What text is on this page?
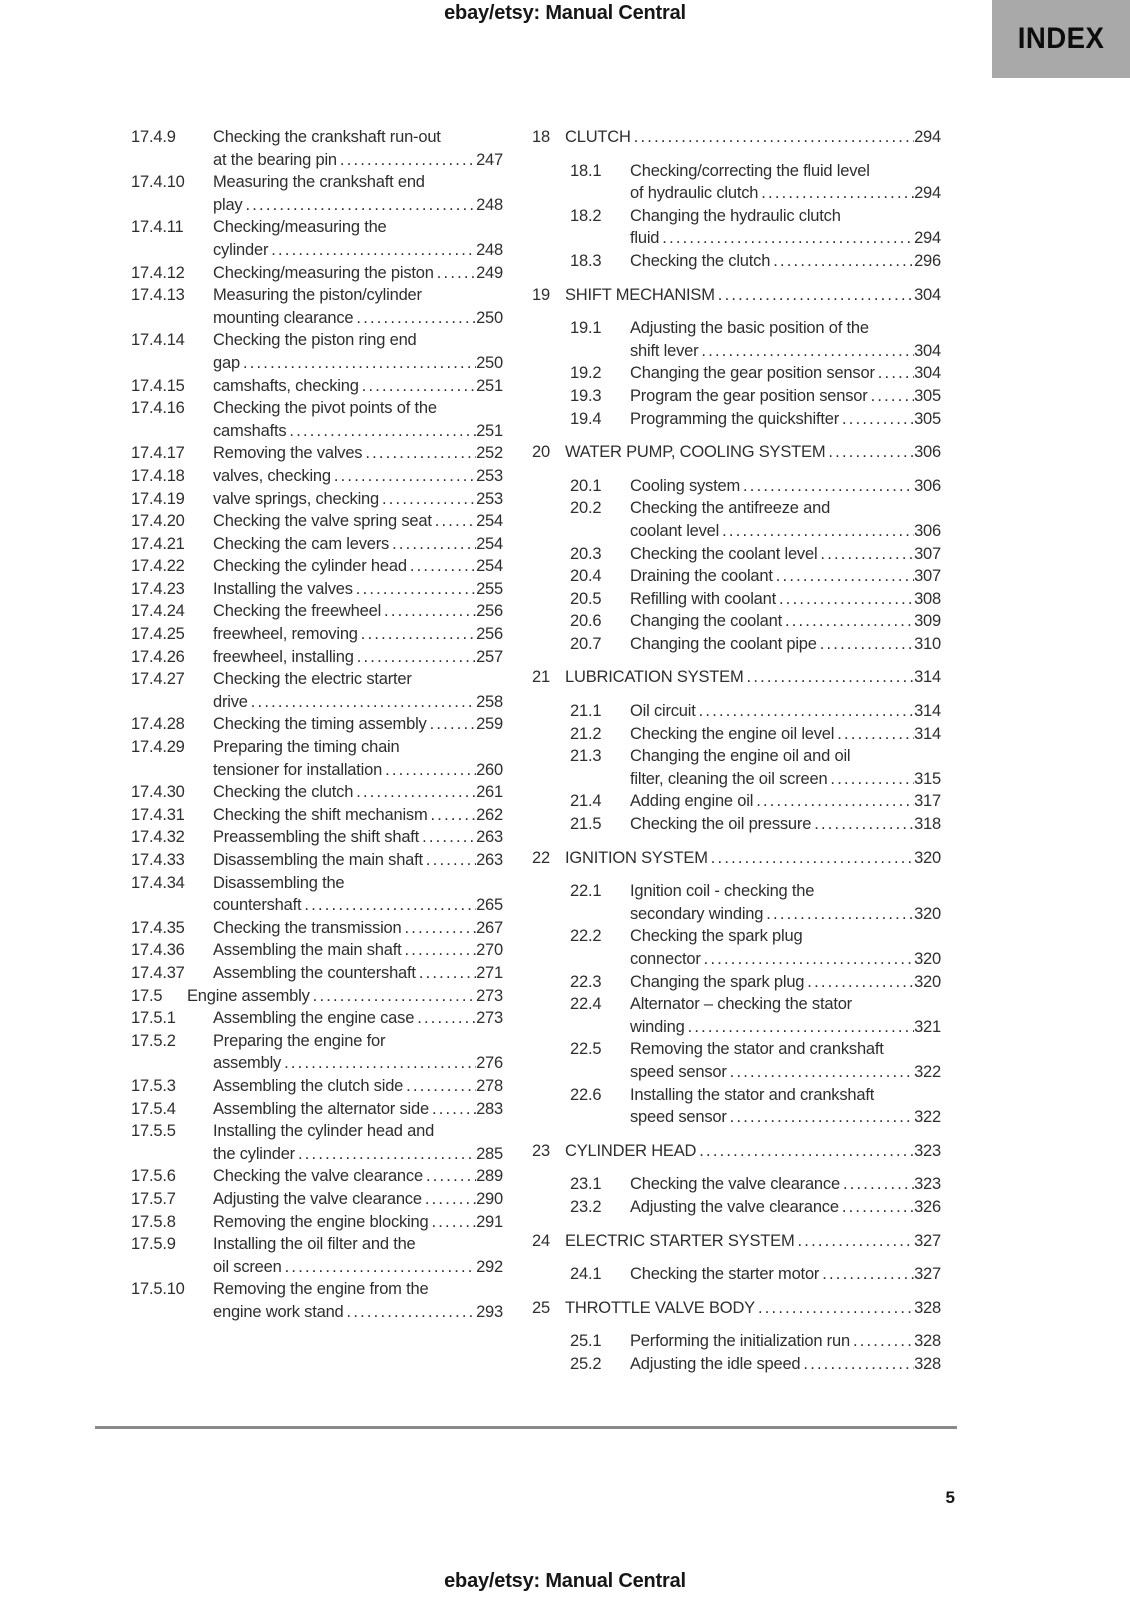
ebay/etsy: Manual Central
INDEX
17.4.9	Checking the crankshaft run-out
at the bearing pin .....	247
17.4.10	Measuring the crankshaft end
play .....	248
17.4.11	Checking/measuring the
cylinder .....	248
17.4.12	Checking/measuring the piston .....	249
17.4.13	Measuring the piston/cylinder
mounting clearance .....	250
17.4.14	Checking the piston ring end
gap .....	250
17.4.15	camshafts, checking .....	251
17.4.16	Checking the pivot points of the
camshafts .....	251
17.4.17	Removing the valves .....	252
17.4.18	valves, checking .....	253
17.4.19	valve springs, checking .....	253
17.4.20	Checking the valve spring seat .....	254
17.4.21	Checking the cam levers .....	254
17.4.22	Checking the cylinder head .....	254
17.4.23	Installing the valves .....	255
17.4.24	Checking the freewheel .....	256
17.4.25	freewheel, removing .....	256
17.4.26	freewheel, installing .....	257
17.4.27	Checking the electric starter
drive .....	258
17.4.28	Checking the timing assembly .....	259
17.4.29	Preparing the timing chain
tensioner for installation .....	260
17.4.30	Checking the clutch .....	261
17.4.31	Checking the shift mechanism .....	262
17.4.32	Preassembling the shift shaft .....	263
17.4.33	Disassembling the main shaft .....	263
17.4.34	Disassembling the
countershaft .....	265
17.4.35	Checking the transmission .....	267
17.4.36	Assembling the main shaft .....	270
17.4.37	Assembling the countershaft .....	271
17.5	Engine assembly .....	273
17.5.1	Assembling the engine case .....	273
17.5.2	Preparing the engine for
assembly .....	276
17.5.3	Assembling the clutch side .....	278
17.5.4	Assembling the alternator side .....	283
17.5.5	Installing the cylinder head and
the cylinder .....	285
17.5.6	Checking the valve clearance .....	289
17.5.7	Adjusting the valve clearance .....	290
17.5.8	Removing the engine blocking .....	291
17.5.9	Installing the oil filter and the
oil screen .....	292
17.5.10	Removing the engine from the
engine work stand .....	293
18 CLUTCH .....	294
18.1	Checking/correcting the fluid level
of hydraulic clutch .....	294
18.2	Changing the hydraulic clutch
fluid .....	294
18.3	Checking the clutch .....	296
19 SHIFT MECHANISM .....	304
19.1	Adjusting the basic position of the
shift lever .....	304
19.2	Changing the gear position sensor ..... 304
19.3	Program the gear position sensor .....	305
19.4	Programming the quickshifter .....	305
20 WATER PUMP, COOLING SYSTEM .....	306
20.1	Cooling system .....	306
20.2	Checking the antifreeze and
coolant level .....	306
20.3	Checking the coolant level .....	307
20.4	Draining the coolant .....	307
20.5	Refilling with coolant .....	308
20.6	Changing the coolant .....	309
20.7	Changing the coolant pipe .....	310
21 LUBRICATION SYSTEM .....	314
21.1	Oil circuit .....	314
21.2	Checking the engine oil level .....	314
21.3	Changing the engine oil and oil
filter, cleaning the oil screen .....	315
21.4	Adding engine oil .....	317
21.5	Checking the oil pressure .....	318
22 IGNITION SYSTEM .....	320
22.1	Ignition coil - checking the
secondary winding .....	320
22.2	Checking the spark plug
connector .....	320
22.3	Changing the spark plug .....	320
22.4	Alternator – checking the stator
winding .....	321
22.5	Removing the stator and crankshaft
speed sensor .....	322
22.6	Installing the stator and crankshaft
speed sensor .....	322
23 CYLINDER HEAD .....	323
23.1	Checking the valve clearance .....	323
23.2	Adjusting the valve clearance .....	326
24 ELECTRIC STARTER SYSTEM .....	327
24.1	Checking the starter motor .....	327
25 THROTTLE VALVE BODY .....	328
25.1	Performing the initialization run .....	328
25.2	Adjusting the idle speed .....	328
5
ebay/etsy: Manual Central
